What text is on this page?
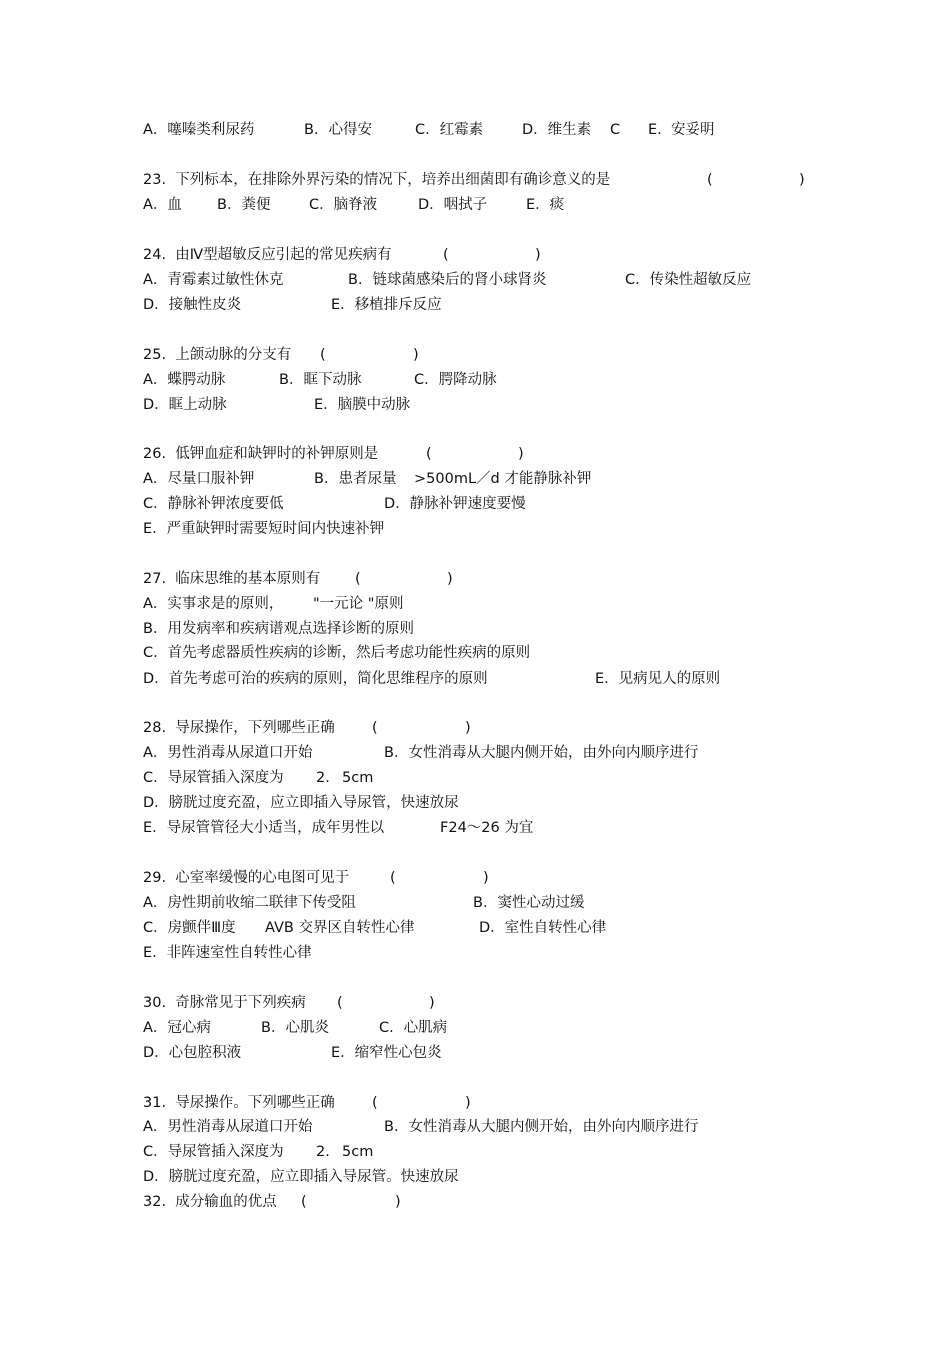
A．噻嗪类利尿药

	B．心得安

	C．红霉素

	D．维生素

C

E.  安妥明

23.  下列标本，在排除外界污染的情况下，培养出细菌即有确诊意义的是

	(

	)

A．血

B．粪便

	C．脑脊液

	D．咽拭子

	E．痰

24.  由Ⅳ型超敏反应引起的常见疾病有

	(

	)

A．青霉素过敏性休克

	B．链球菌感染后的肾小球肾炎

	C．传染性超敏反应

D．接触性皮炎

	E．移植排斥反应

25.  上颌动脉的分支有

(

	)

A．蝶腭动脉

	B．眶下动脉

	C．腭降动脉

D．眶上动脉

	E．脑膜中动脉

26.  低钾血症和缺钾时的补钾原则是

	(

	)

A．尽量口服补钾

	B．患者尿量

>500mL／d 才能静脉补钾

C．静脉补钾浓度要低

	D．静脉补钾速度要慢

E．严重缺钾时需要短时间内快速补钾

27.  临床思维的基本原则有

(

	)

A．实事求是的原则，

"一元论 "原则

B．用发病率和疾病谱观点选择诊断的原则

C．首先考虑器质性疾病的诊断，然后考虑功能性疾病的原则

D．首先考虑可治的疾病的原则，简化思维程序的原则

	E．见病见人的原则

28.  导尿操作，下列哪些正确

	(

	)

A．男性消毒从尿道口开始

	B．女性消毒从大腿内侧开始，由外向内顺序进行

C．导尿管插入深度为

2.

5cm

D．膀胱过度充盈，应立即插入导尿管，快速放尿

E．导尿管管径大小适当，成年男性以

	F24～26 为宜

29.  心室率缓慢的心电图可见于

	(

	)

A．房性期前收缩二联律下传受阻

	B．窦性心动过缓

C．房颤伴Ⅲ度

AVB 交界区自转性心律

	D．室性自转性心律

E．非阵速室性自转性心律

30.  奇脉常见于下列疾病

(

	)

A．冠心病

	B．心肌炎

	C．心肌病

D．心包腔积液

	E．缩窄性心包炎

31.  导尿操作。下列哪些正确

	(

	)

A．男性消毒从尿道口开始

	B．女性消毒从大腿内侧开始，由外向内顺序进行

C．导尿管插入深度为

2.

5cm

D．膀胱过度充盈，应立即插入导尿管。快速放尿

32.  成分输血的优点

(

	)
